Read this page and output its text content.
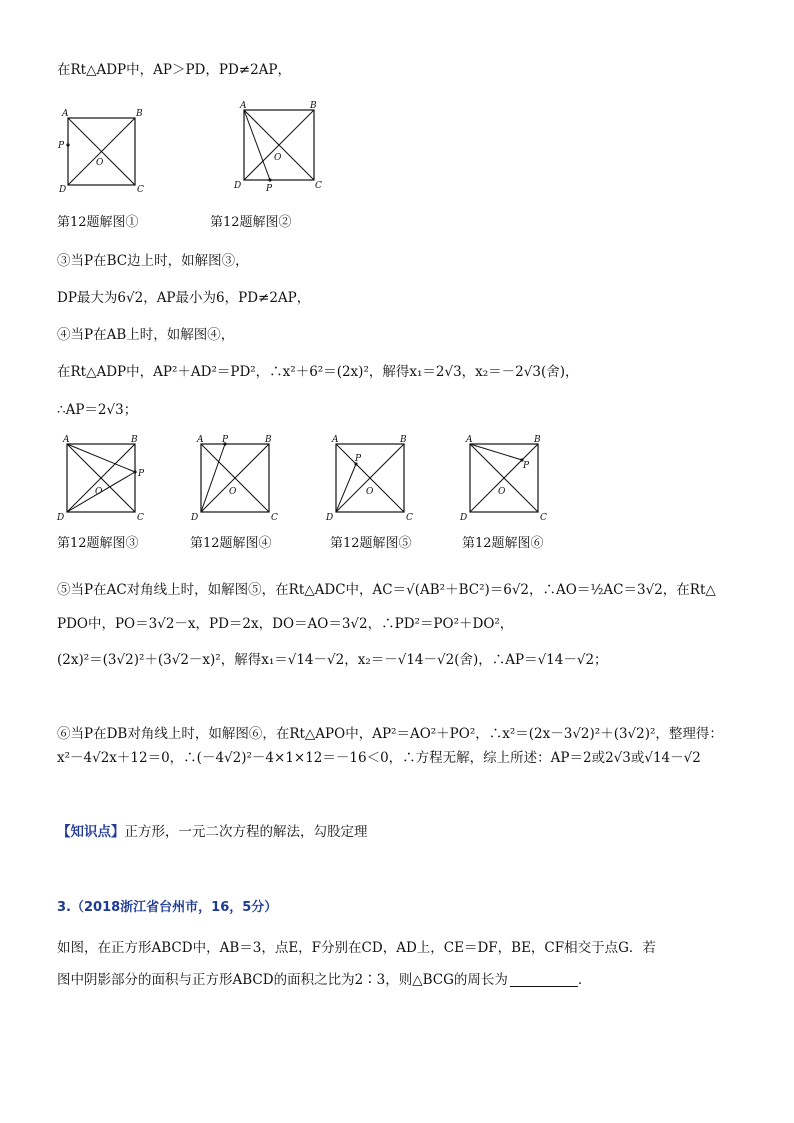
在Rt△ADP中，AP＞PD，PD≠2AP，
A	B
C
D
O
P
A	B
C
D
O
P
第12题解图①	第12题解图②
③当P在BC边上时，如解图③，
DP最大为6√2，AP最小为6，PD≠2AP，
④当P在AB上时，如解图④，
在Rt△ADP中，AP²＋AD²＝PD²，∴x²＋6²＝(2x)²，解得x₁＝2√3，x₂＝－2√3(舍)，
∴AP＝2√3；
A	B
C
D
O
P
A P	B
C
D
O
A	B
C
D
O
P
A	B
C
D
O
P
第12题解图③	第12题解图④	第12题解图⑤	第12题解图⑥
⑤当P在AC对角线上时，如解图⑤，在Rt△ADC中，AC＝√(AB²＋BC²)＝6√2，∴AO＝½AC＝3√2，在Rt△
PDO中，PO＝3√2－x，PD＝2x，DO＝AO＝3√2，∴PD²＝PO²＋DO²，
(2x)²＝(3√2)²＋(3√2－x)²，解得x₁＝√14－√2，x₂＝－√14－√2(舍)，∴AP＝√14－√2；
⑥当P在DB对角线上时，如解图⑥，在Rt△APO中，AP²＝AO²＋PO²，∴x²＝(2x－3√2)²＋(3√2)²，整理得：
x²－4√2x＋12＝0，∴(－4√2)²－4×1×12＝－16＜0，∴方程无解，综上所述：AP＝2或2√3或√14－√2
【知识点】正方形，一元二次方程的解法，勾股定理
3.（2018浙江省台州市，16，5分）
如图，在正方形ABCD中，AB＝3，点E，F分别在CD，AD上，CE＝DF，BE，CF相交于点G．若
图中阴影部分的面积与正方形ABCD的面积之比为2∶3，则△BCG的周长为	．
